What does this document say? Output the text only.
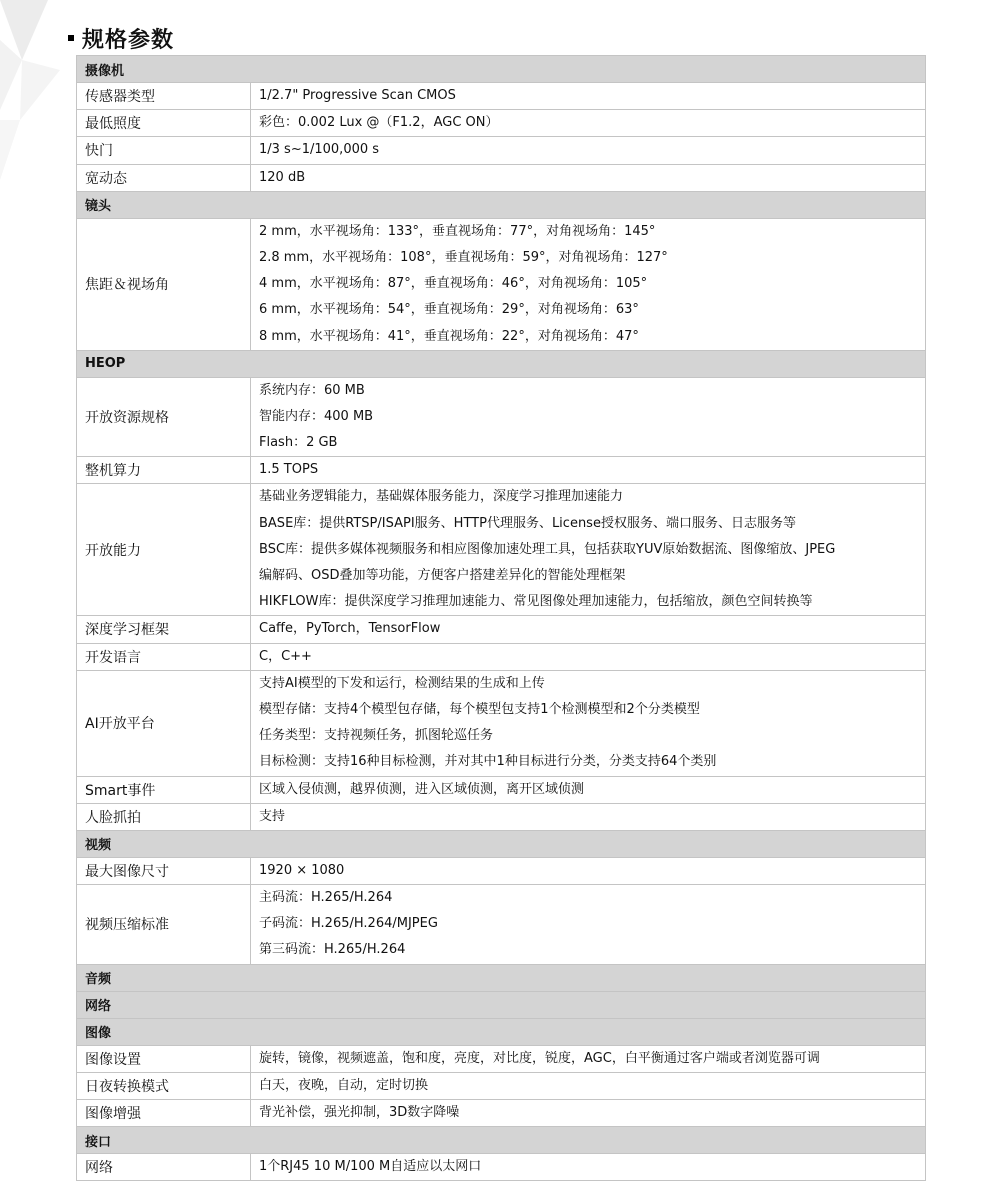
规格参数
摄像机	
传感器类型	1/2.7" Progressive Scan CMOS

最低照度	彩色：0.002 Lux @（F1.2，AGC ON）

快门	1/3 s~1/100,000 s

宽动态	120 dB

镜头	
焦距＆视场角	2 mm，水平视场角：133°，垂直视场角：77°，对角视场角：145°
2.8 mm，水平视场角：108°，垂直视场角：59°，对角视场角：127°
4 mm，水平视场角：87°，垂直视场角：46°，对角视场角：105°
6 mm，水平视场角：54°，垂直视场角：29°，对角视场角：63°
8 mm，水平视场角：41°，垂直视场角：22°，对角视场角：47°

HEOP	
开放资源规格	系统内存：60 MB
智能内存：400 MB
Flash：2 GB

整机算力	1.5 TOPS

开放能力	基础业务逻辑能力，基础媒体服务能力，深度学习推理加速能力
BASE库：提供RTSP/ISAPI服务、HTTP代理服务、License授权服务、端口服务、日志服务等
BSC库：提供多媒体视频服务和相应图像加速处理工具，包括获取YUV原始数据流、图像缩放、JPEG
编解码、OSD叠加等功能，方便客户搭建差异化的智能处理框架
HIKFLOW库：提供深度学习推理加速能力、常见图像处理加速能力，包括缩放，颜色空间转换等

深度学习框架	Caffe，PyTorch，TensorFlow

开发语言	C，C++

AI开放平台	支持AI模型的下发和运行，检测结果的生成和上传
模型存储：支持4个模型包存储，每个模型包支持1个检测模型和2个分类模型
任务类型：支持视频任务，抓图轮巡任务
目标检测：支持16种目标检测，并对其中1种目标进行分类，分类支持64个类别

Smart事件	区域入侵侦测，越界侦测，进入区域侦测，离开区域侦测

人脸抓拍	支持

视频	
最大图像尺寸	1920 × 1080

视频压缩标准	主码流：H.265/H.264
子码流：H.265/H.264/MJPEG
第三码流：H.265/H.264

音频	
网络	
图像	
图像设置	旋转，镜像，视频遮盖，饱和度，亮度，对比度，锐度，AGC，白平衡通过客户端或者浏览器可调

日夜转换模式	白天，夜晚，自动，定时切换

图像增强	背光补偿，强光抑制，3D数字降噪

接口	
网络	1个RJ45 10 M/100 M自适应以太网口
